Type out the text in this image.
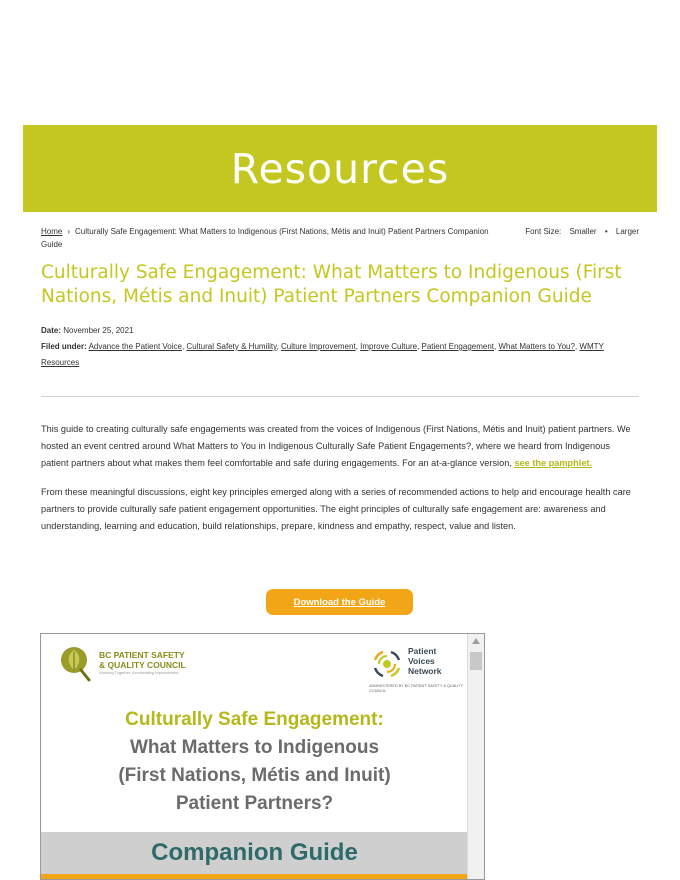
Resources
Home › Culturally Safe Engagement: What Matters to Indigenous (First Nations, Métis and Inuit) Patient Partners Companion Guide
Font Size: Smaller • Larger
Culturally Safe Engagement: What Matters to Indigenous (First Nations, Métis and Inuit) Patient Partners Companion Guide
Date: November 25, 2021
Filed under: Advance the Patient Voice, Cultural Safety & Humility, Culture Improvement, Improve Culture, Patient Engagement, What Matters to You?, WMTY Resources

This guide to creating culturally safe engagements was created from the voices of Indigenous (First Nations, Métis and Inuit) patient partners. We hosted an event centred around What Matters to You in Indigenous Culturally Safe Patient Engagements?, where we heard from Indigenous patient partners about what makes them feel comfortable and safe during engagements. For an at-a-glance version, see the pamphlet.

From these meaningful discussions, eight key principles emerged along with a series of recommended actions to help and encourage health care partners to provide culturally safe patient engagement opportunities. The eight principles of culturally safe engagement are: awareness and understanding, learning and education, build relationships, prepare, kindness and empathy, respect, value and listen.

Download the Guide
BC PATIENT SAFETY
& QUALITY COUNCIL
Working Together. Accelerating Improvement.
Patient
Voices
Network
ADMINISTERED BY BC PATIENT SAFETY & QUALITY COUNCIL
Culturally Safe Engagement:
What Matters to Indigenous
(First Nations, Métis and Inuit)
Patient Partners?
Companion Guide
